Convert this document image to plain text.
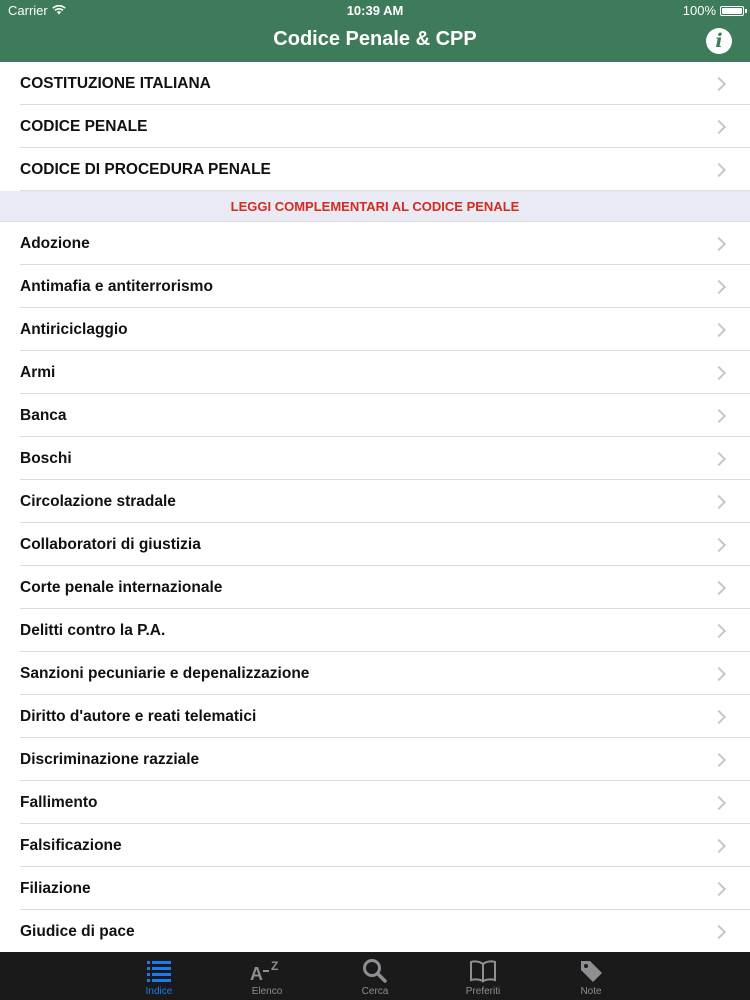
Carrier	10:39 AM	100%
Codice Penale & CPP	i
COSTITUZIONE ITALIANA
CODICE PENALE
CODICE DI PROCEDURA PENALE
LEGGI COMPLEMENTARI AL CODICE PENALE
Adozione
Antimafia e antiterrorismo
Antiriciclaggio
Armi
Banca
Boschi
Circolazione stradale
Collaboratori di giustizia
Corte penale internazionale
Delitti contro la P.A.
Sanzioni pecuniarie e depenalizzazione
Diritto d'autore e reati telematici
Discriminazione razziale
Fallimento
Falsificazione
Filiazione
Giudice di pace
Indice
A Z
Elenco	Cerca	Preferiti	Note
